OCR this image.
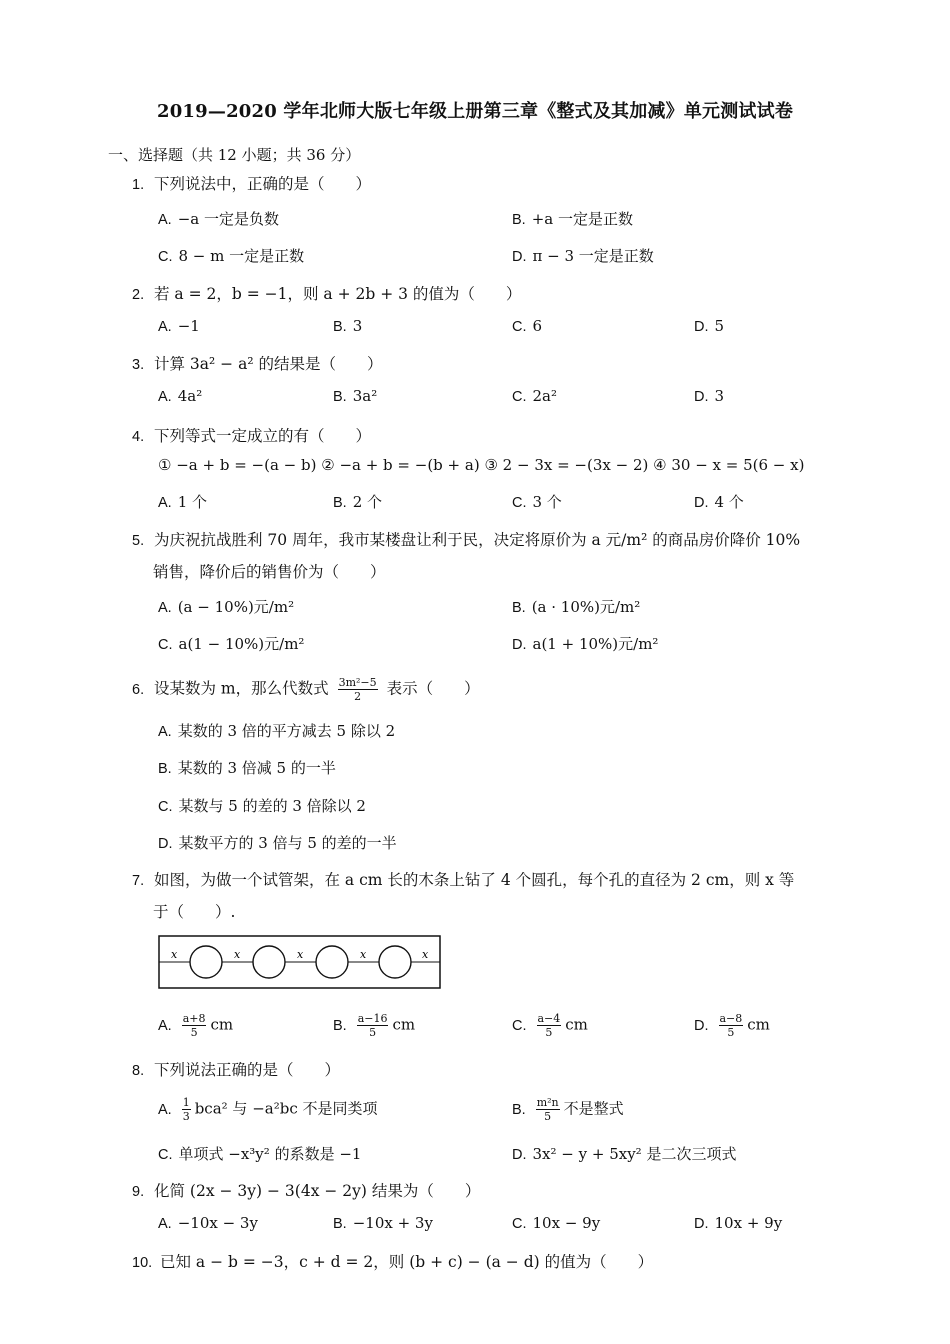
2019—2020 学年北师大版七年级上册第三章《整式及其加减》单元测试试卷
一、选择题（共 12 小题；共 36 分）
1. 下列说法中，正确的是（　　）
A. −a 一定是负数	B. +a 一定是正数
C. 8 − m 一定是正数	D. π − 3 一定是正数
2. 若 a = 2，b = −1，则 a + 2b + 3 的值为（　　）
A. −1	B. 3	C. 6	D. 5
3. 计算 3a² − a² 的结果是（　　）
A. 4a²	B. 3a²	C. 2a²	D. 3
4. 下列等式一定成立的有（　　）
① −a + b = −(a − b) ② −a + b = −(b + a) ③ 2 − 3x = −(3x − 2) ④ 30 − x = 5(6 − x)
A. 1 个	B. 2 个	C. 3 个	D. 4 个
5. 为庆祝抗战胜利 70 周年，我市某楼盘让利于民，决定将原价为 a 元/m² 的商品房价降价 10%
销售，降价后的销售价为（　　）
A. (a − 10%)元/m²	B. (a · 10%)元/m²
C. a(1 − 10%)元/m²	D. a(1 + 10%)元/m²
6. 设某数为 m，那么代数式 $\frac{\text{3m²−5}}{2}$ 表示（　　）
A. 某数的 3 倍的平方减去 5 除以 2
B. 某数的 3 倍减 5 的一半
C. 某数与 5 的差的 3 倍除以 2
D. 某数平方的 3 倍与 5 的差的一半
7. 如图，为做一个试管架，在 a cm 长的木条上钻了 4 个圆孔，每个孔的直径为 2 cm，则 x 等
于（　　）.
x	x	x	x	x
A. $\frac{a+8}{5}$ cm	B. $\frac{a-16}{5}$ cm	C. $\frac{a-4}{5}$ cm	D. $\frac{a-8}{5}$ cm
8. 下列说法正确的是（　　）
A. $\frac{1}{3} bca^2$ 与 −a²bc 不是同类项	B. $\frac{\text{m²n}}{5}$ 不是整式
C. 单项式 −x³y² 的系数是 −1	D. 3x² − y + 5xy² 是二次三项式
9. 化简 (2x − 3y) − 3(4x − 2y) 结果为（　　）
A. −10x − 3y	B. −10x + 3y	C. 10x − 9y	D. 10x + 9y
10. 已知 a − b = −3，c + d = 2，则 (b + c) − (a − d) 的值为（　　）
